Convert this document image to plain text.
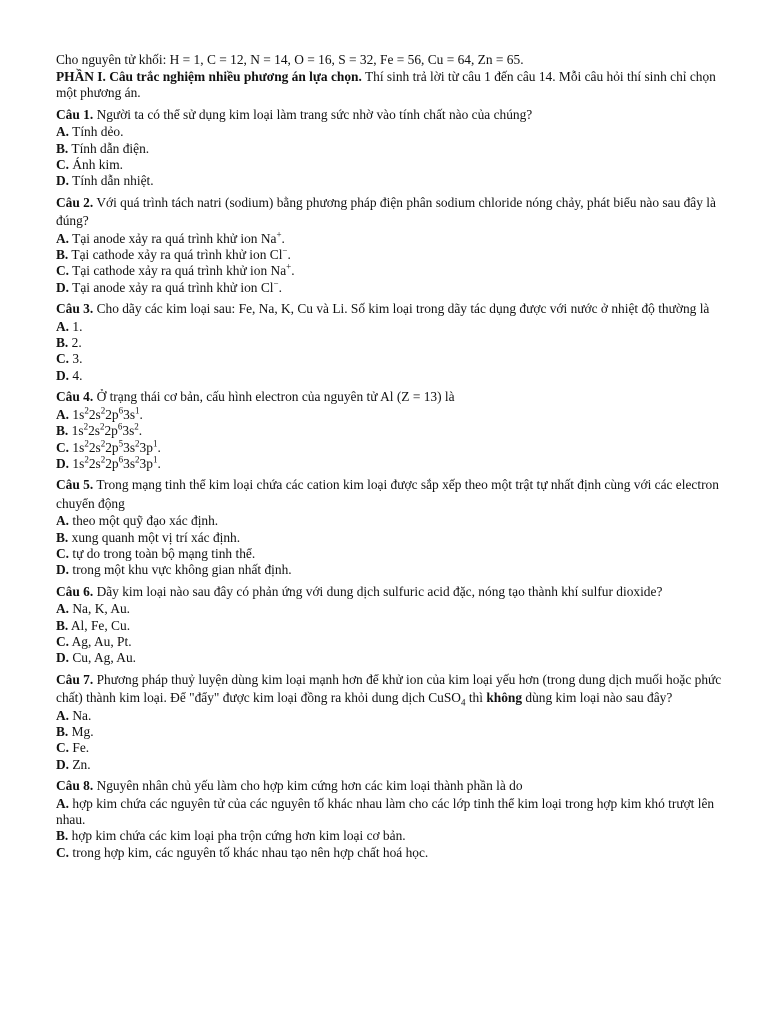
Cho nguyên tử khối: H = 1, C = 12, N = 14, O = 16, S = 32, Fe = 56, Cu = 64, Zn = 65.
PHẦN I. Câu trắc nghiệm nhiều phương án lựa chọn. Thí sinh trả lời từ câu 1 đến câu 14. Mỗi câu hỏi thí sinh chỉ chọn một phương án.
Câu 1. Người ta có thể sử dụng kim loại làm trang sức nhờ vào tính chất nào của chúng?
A. Tính dẻo.
B. Tính dẫn điện.
C. Ánh kim.
D. Tính dẫn nhiệt.
Câu 2. Với quá trình tách natri (sodium) bằng phương pháp điện phân sodium chloride nóng chảy, phát biểu nào sau đây là đúng?
A. Tại anode xảy ra quá trình khử ion Na+.
B. Tại cathode xảy ra quá trình khử ion Cl−.
C. Tại cathode xảy ra quá trình khử ion Na+.
D. Tại anode xảy ra quá trình khử ion Cl−.
Câu 3. Cho dãy các kim loại sau: Fe, Na, K, Cu và Li. Số kim loại trong dãy tác dụng được với nước ở nhiệt độ thường là
A. 1.
B. 2.
C. 3.
D. 4.
Câu 4. Ở trạng thái cơ bản, cấu hình electron của nguyên tử Al (Z = 13) là
A. $1s^22s^22p^63s^1$.
B. $1s^22s^22p^63s^2$.
C. $1s^22s^22p^53s^23p^1$.
D. $1s^22s^22p^63s^23p^1$.
Câu 5. Trong mạng tinh thể kim loại chứa các cation kim loại được sắp xếp theo một trật tự nhất định cùng với các electron chuyển động
A. theo một quỹ đạo xác định.
B. xung quanh một vị trí xác định.
C. tự do trong toàn bộ mạng tinh thể.
D. trong một khu vực không gian nhất định.
Câu 6. Dãy kim loại nào sau đây có phản ứng với dung dịch sulfuric acid đặc, nóng tạo thành khí sulfur dioxide?
A. Na, K, Au.
B. Al, Fe, Cu.
C. Ag, Au, Pt.
D. Cu, Ag, Au.
Câu 7. Phương pháp thuỷ luyện dùng kim loại mạnh hơn để khử ion của kim loại yếu hơn (trong dung dịch muối hoặc phức chất) thành kim loại. Để "đẩy" được kim loại đồng ra khỏi dung dịch CuSO$_4$ thì không dùng kim loại nào sau đây?
A. Na.
B. Mg.
C. Fe.
D. Zn.
Câu 8. Nguyên nhân chủ yếu làm cho hợp kim cứng hơn các kim loại thành phần là do
A. hợp kim chứa các nguyên tử của các nguyên tố khác nhau làm cho các lớp tinh thể kim loại trong hợp kim khó trượt lên nhau.
B. hợp kim chứa các kim loại pha trộn cứng hơn kim loại cơ bản.
C. trong hợp kim, các nguyên tố khác nhau tạo nên hợp chất hoá học.
